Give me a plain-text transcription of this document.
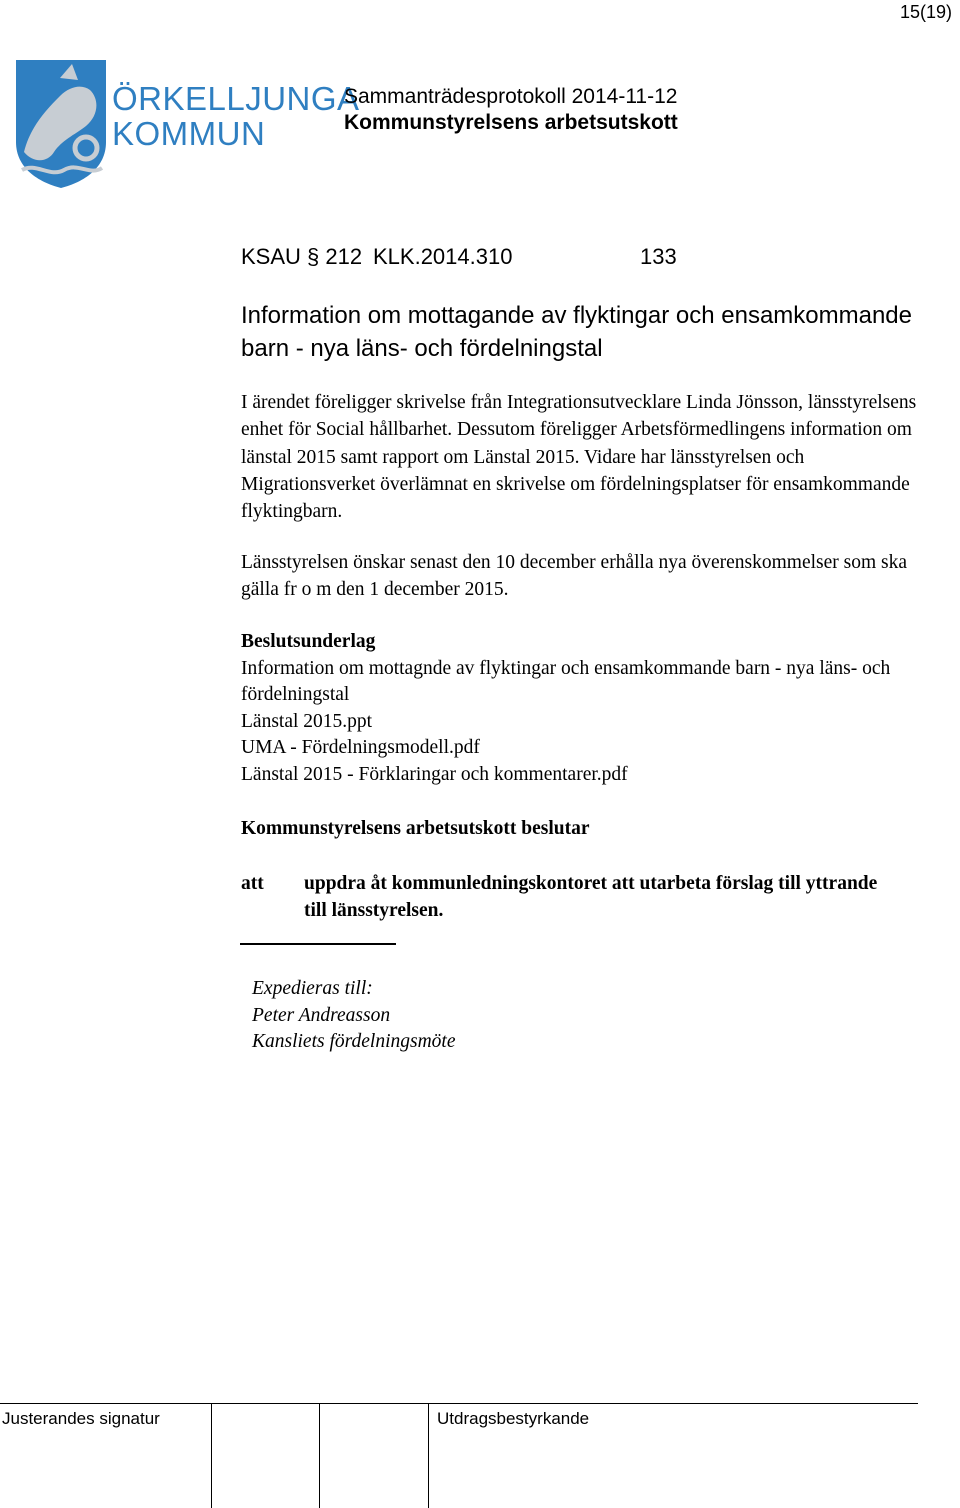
15(19)
ÖRKELLJUNGA
KOMMUN
Sammanträdesprotokoll 2014-11-12
Kommunstyrelsens arbetsutskott
KSAU § 212 KLK.2014.310	133
Information om mottagande av flyktingar och ensamkommande barn - nya läns- och fördelningstal
I ärendet föreligger skrivelse från Integrationsutvecklare Linda Jönsson, länsstyrelsens enhet för Social hållbarhet. Dessutom föreligger Arbetsförmedlingens information om länstal 2015 samt rapport om Länstal 2015. Vidare har länsstyrelsen och Migrationsverket överlämnat en skrivelse om fördelningsplatser för ensamkommande flyktingbarn.
Länsstyrelsen önskar senast den 10 december erhålla nya överenskommelser som ska gälla fr o m den 1 december 2015.
Beslutsunderlag
Information om mottagnde av flyktingar och ensamkommande barn - nya läns- och fördelningstal
Länstal 2015.ppt
UMA - Fördelningsmodell.pdf
Länstal 2015 - Förklaringar och kommentarer.pdf
Kommunstyrelsens arbetsutskott beslutar
att uppdra åt kommunledningskontoret att utarbeta förslag till yttrande till länsstyrelsen.
Expedieras till:
Peter Andreasson
Kansliets fördelningsmöte
Justerandes signatur	Utdragsbestyrkande
